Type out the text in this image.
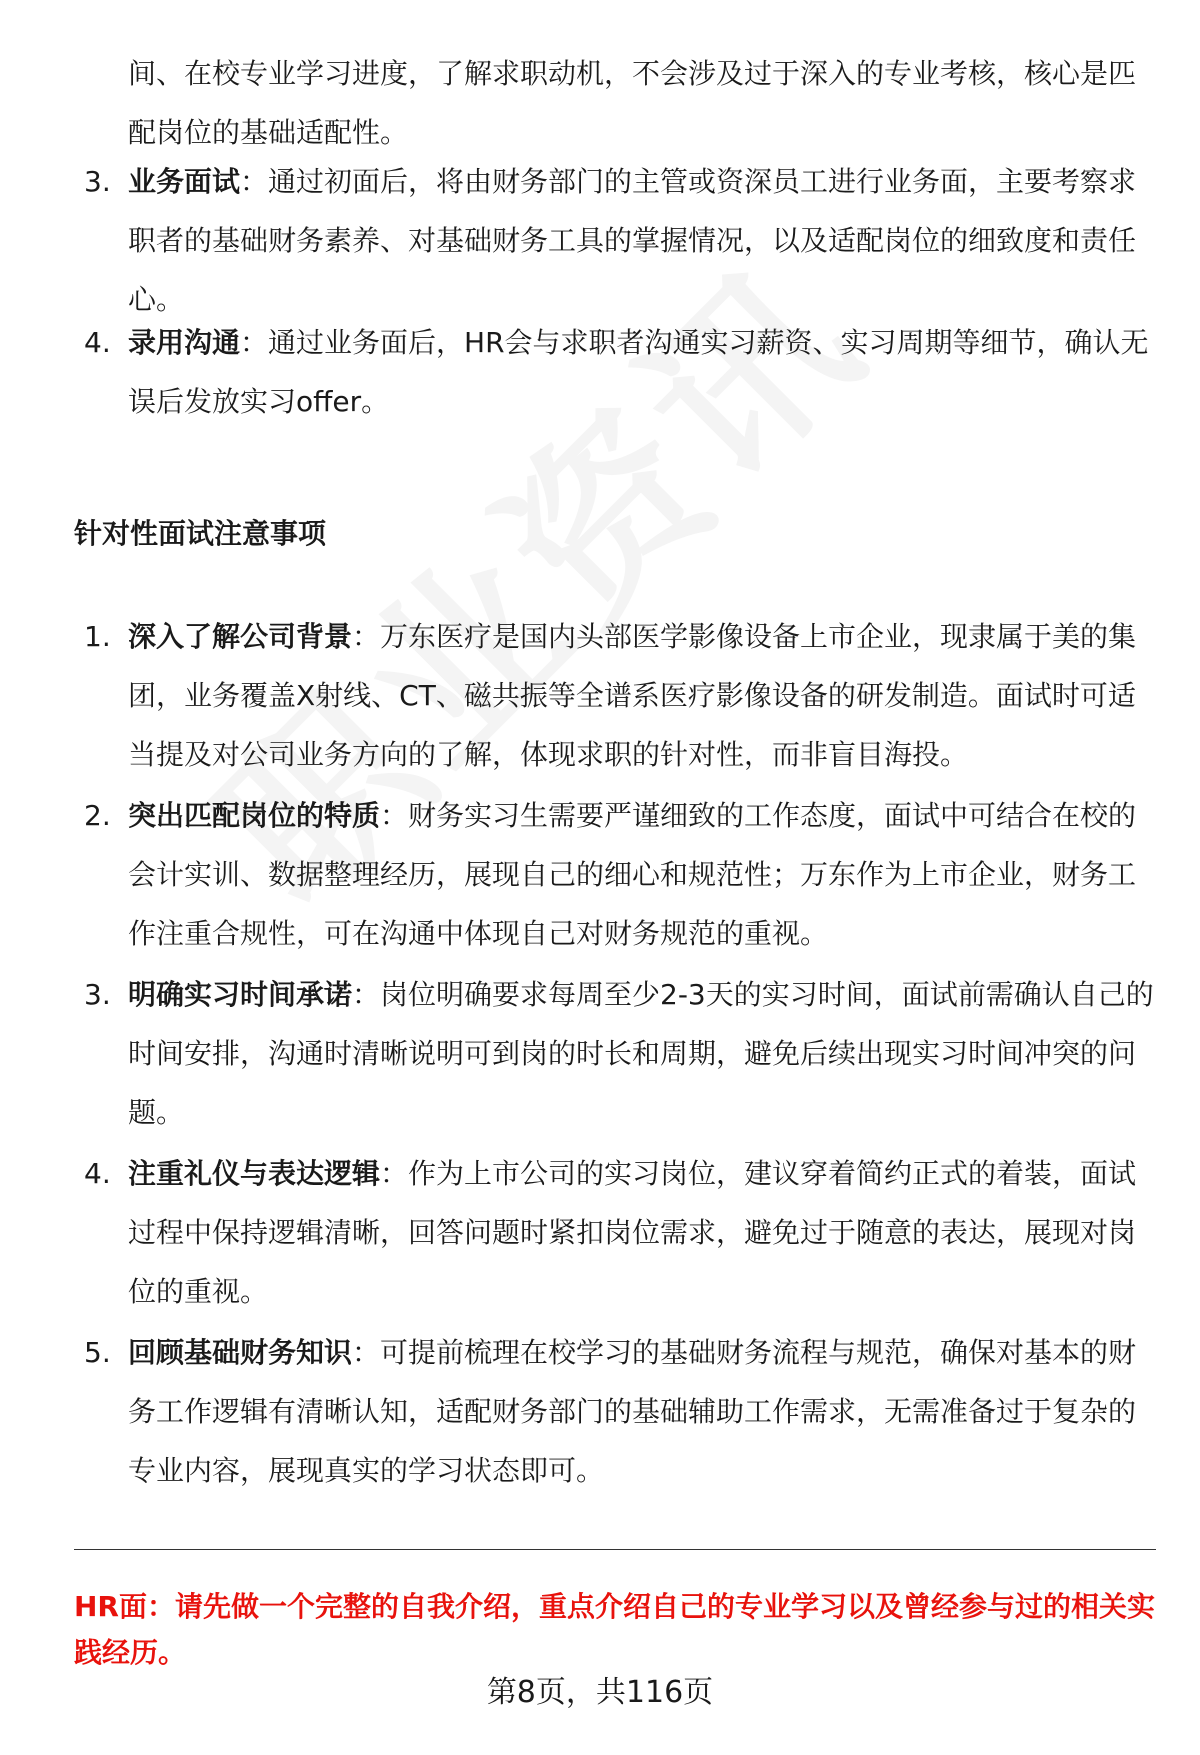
间、在校专业学习进度，了解求职动机，不会涉及过于深入的专业考核，核心是匹配岗位的基础适配性。
3. 业务面试：通过初面后，将由财务部门的主管或资深员工进行业务面，主要考察求职者的基础财务素养、对基础财务工具的掌握情况，以及适配岗位的细致度和责任心。
4. 录用沟通：通过业务面后，HR会与求职者沟通实习薪资、实习周期等细节，确认无误后发放实习offer。
针对性面试注意事项
1. 深入了解公司背景：万东医疗是国内头部医学影像设备上市企业，现隶属于美的集团，业务覆盖X射线、CT、磁共振等全谱系医疗影像设备的研发制造。面试时可适当提及对公司业务方向的了解，体现求职的针对性，而非盲目海投。
2. 突出匹配岗位的特质：财务实习生需要严谨细致的工作态度，面试中可结合在校的会计实训、数据整理经历，展现自己的细心和规范性；万东作为上市企业，财务工作注重合规性，可在沟通中体现自己对财务规范的重视。
3. 明确实习时间承诺：岗位明确要求每周至少2-3天的实习时间，面试前需确认自己的时间安排，沟通时清晰说明可到岗的时长和周期，避免后续出现实习时间冲突的问题。
4. 注重礼仪与表达逻辑：作为上市公司的实习岗位，建议穿着简约正式的着装，面试过程中保持逻辑清晰，回答问题时紧扣岗位需求，避免过于随意的表达，展现对岗位的重视。
5. 回顾基础财务知识：可提前梳理在校学习的基础财务流程与规范，确保对基本的财务工作逻辑有清晰认知，适配财务部门的基础辅助工作需求，无需准备过于复杂的专业内容，展现真实的学习状态即可。
HR面：请先做一个完整的自我介绍，重点介绍自己的专业学习以及曾经参与过的相关实践经历。
第8页，共116页
